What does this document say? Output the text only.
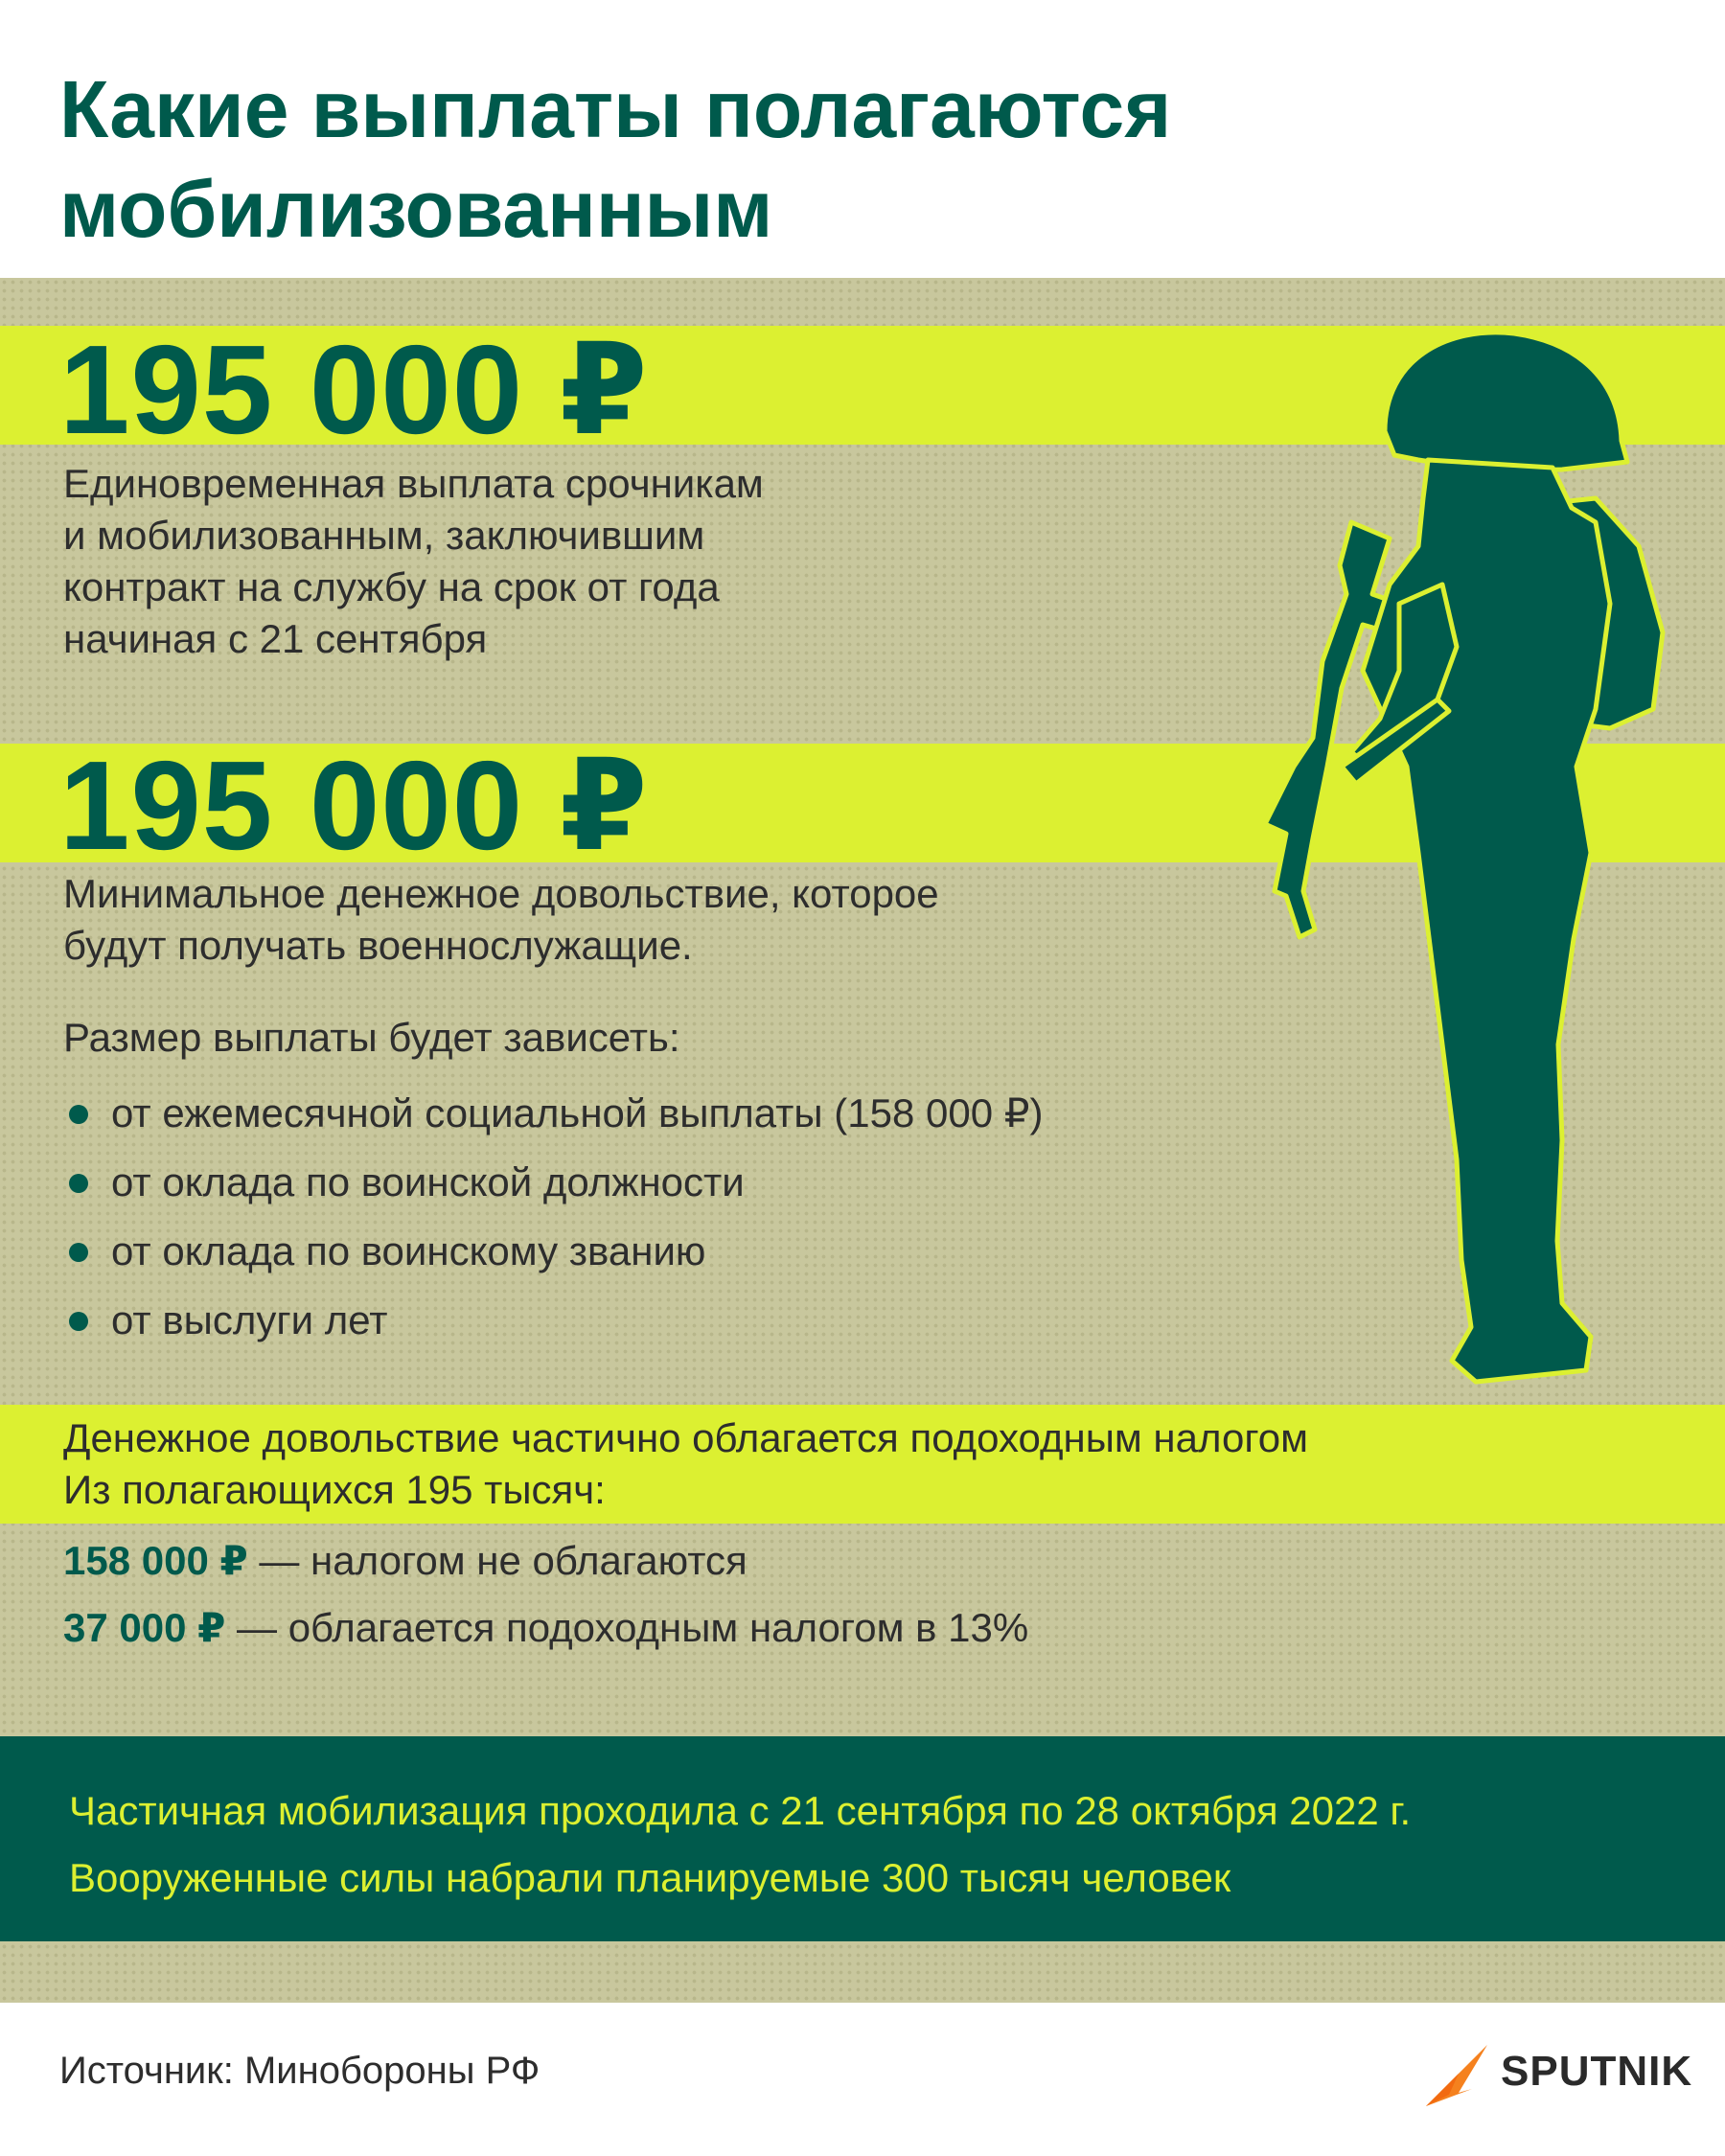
Какие выплаты полагаются
мобилизованным
195 000 ₽
Единовременная выплата срочникам
и мобилизованным, заключившим
контракт на службу на срок от года
начиная с 21 сентября
195 000 ₽
Минимальное денежное довольствие, которое
будут получать военнослужащие.
Размер выплаты будет зависеть:
от ежемесячной социальной выплаты (158 000 ₽)
от оклада по воинской должности
от оклада по воинскому званию
от выслуги лет
Денежное довольствие частично облагается подоходным налогом
Из полагающихся 195 тысяч:
158 000 ₽ — налогом не облагаются
37 000 ₽ — облагается подоходным налогом в 13%
Частичная мобилизация проходила с 21 сентября по 28 октября 2022 г.
Вооруженные силы набрали планируемые 300 тысяч человек
Источник: Минобороны РФ	SPUTNIK
